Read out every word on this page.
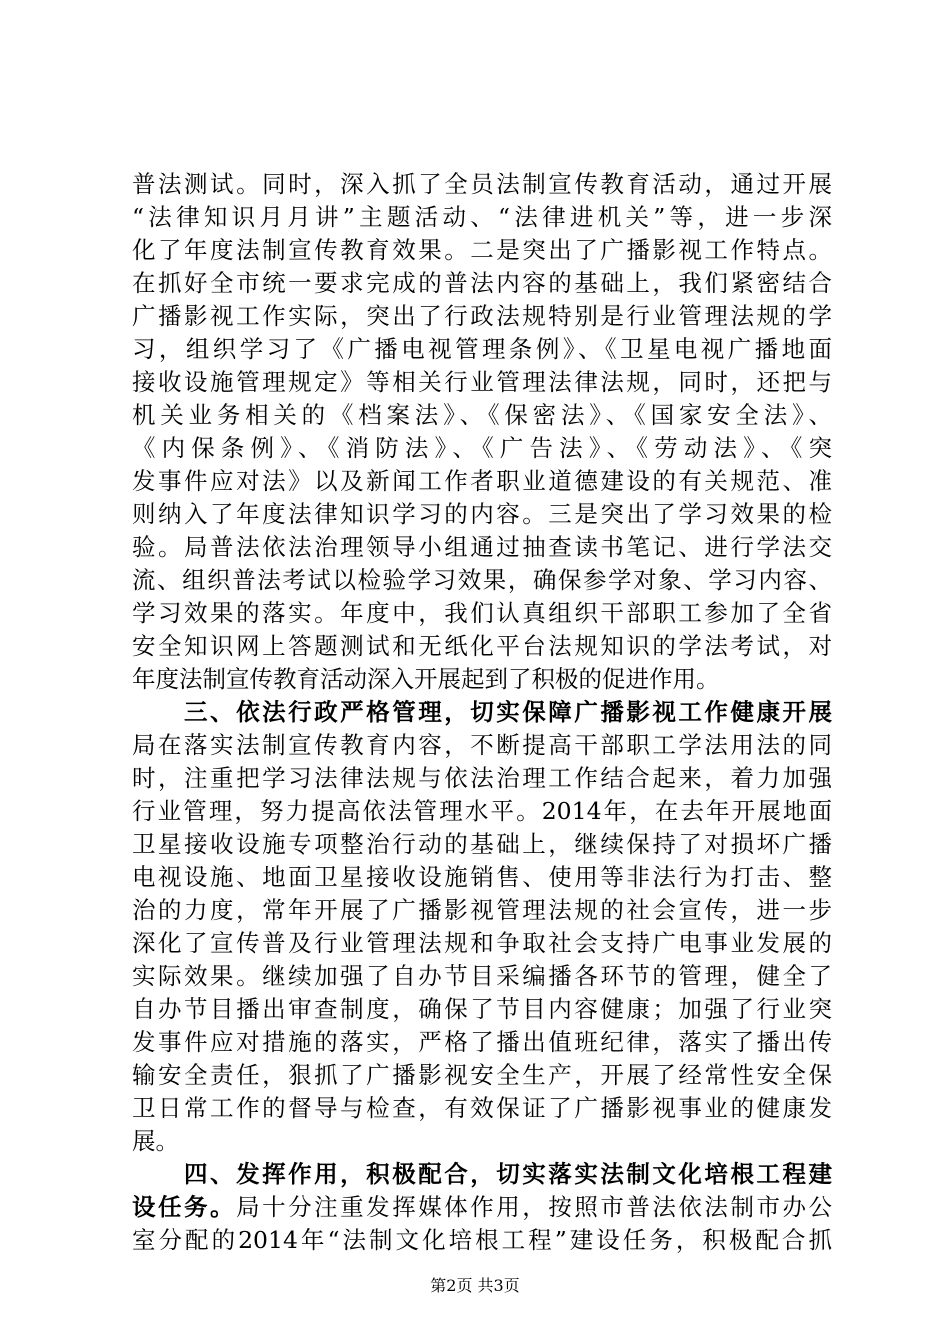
普法测试。同时，深入抓了全员法制宣传教育活动，通过开展
“法律知识月月讲”主题活动、“法律进机关”等，进一步深
化了年度法制宣传教育效果。二是突出了广播影视工作特点。
在抓好全市统一要求完成的普法内容的基础上，我们紧密结合
广播影视工作实际，突出了行政法规特别是行业管理法规的学
习，组织学习了《广播电视管理条例》、《卫星电视广播地面
接收设施管理规定》等相关行业管理法律法规，同时，还把与
机关业务相关的《档案法》、《保密法》、《国家安全法》、
《内保条例》、《消防法》、《广告法》、《劳动法》、《突
发事件应对法》以及新闻工作者职业道德建设的有关规范、准
则纳入了年度法律知识学习的内容。三是突出了学习效果的检
验。局普法依法治理领导小组通过抽查读书笔记、进行学法交
流、组织普法考试以检验学习效果，确保参学对象、学习内容、
学习效果的落实。年度中，我们认真组织干部职工参加了全省
安全知识网上答题测试和无纸化平台法规知识的学法考试，对
年度法制宣传教育活动深入开展起到了积极的促进作用。
　　三、依法行政严格管理，切实保障广播影视工作健康开展
局在落实法制宣传教育内容，不断提高干部职工学法用法的同
时，注重把学习法律法规与依法治理工作结合起来，着力加强
行业管理，努力提高依法管理水平。2014年，在去年开展地面
卫星接收设施专项整治行动的基础上，继续保持了对损坏广播
电视设施、地面卫星接收设施销售、使用等非法行为打击、整
治的力度，常年开展了广播影视管理法规的社会宣传，进一步
深化了宣传普及行业管理法规和争取社会支持广电事业发展的
实际效果。继续加强了自办节目采编播各环节的管理，健全了
自办节目播出审查制度，确保了节目内容健康；加强了行业突
发事件应对措施的落实，严格了播出值班纪律，落实了播出传
输安全责任，狠抓了广播影视安全生产，开展了经常性安全保
卫日常工作的督导与检查，有效保证了广播影视事业的健康发
展。
　　四、发挥作用，积极配合，切实落实法制文化培根工程建
设任务。局十分注重发挥媒体作用，按照市普法依法制市办公
室分配的2014年“法制文化培根工程”建设任务，积极配合抓
第2页 共3页
